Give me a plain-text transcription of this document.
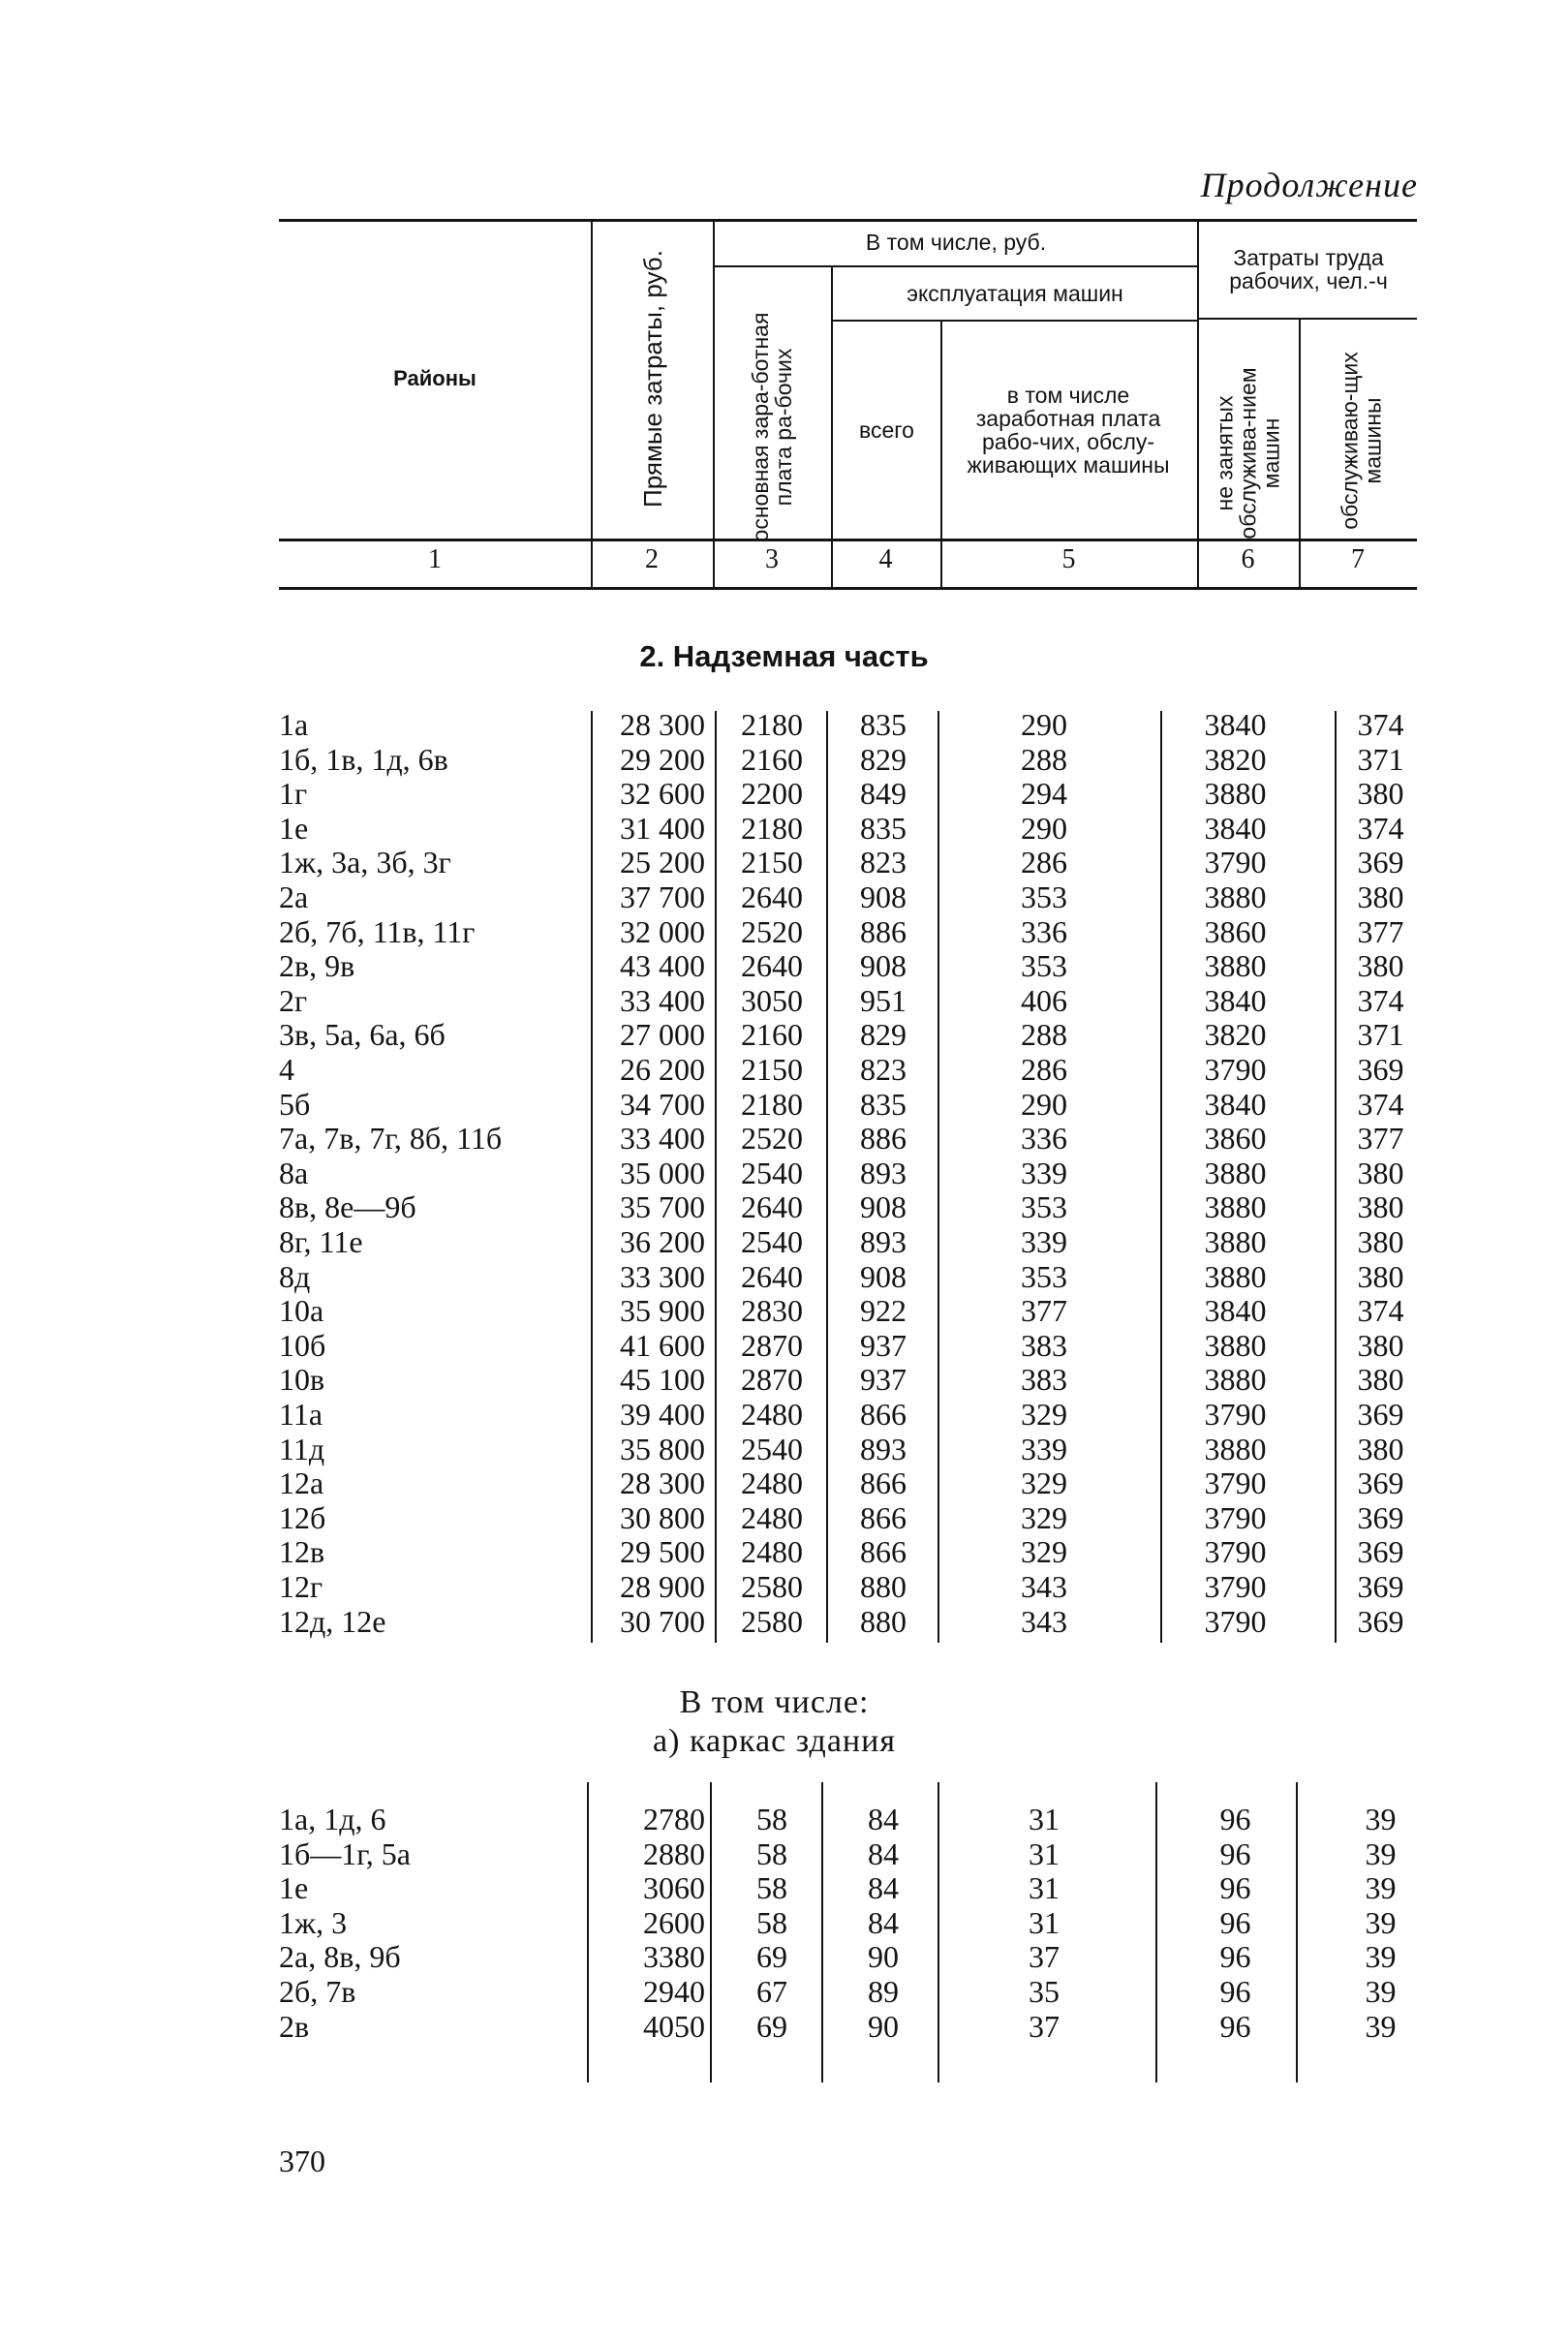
Продолжение
Районы	Прямые затраты, руб.
В том числе, руб.
основная зара-ботная плата ра-бочих
эксплуатация машин
всего
в том числе заработная плата рабо-чих, обслу-живающих машины
Затраты труда рабочих, чел.-ч
не занятых обслужива-нием машин	обслуживаю-щих машины
1	2	3	4	5	6	7
2. Надземная часть
1а	28 300	2180	835	290	3840	374
1б, 1в, 1д, 6в	29 200	2160	829	288	3820	371
1г	32 600	2200	849	294	3880	380
1е	31 400	2180	835	290	3840	374
1ж, 3а, 3б, 3г	25 200	2150	823	286	3790	369
2а	37 700	2640	908	353	3880	380
2б, 7б, 11в, 11г	32 000	2520	886	336	3860	377
2в, 9в	43 400	2640	908	353	3880	380
2г	33 400	3050	951	406	3840	374
3в, 5а, 6а, 6б	27 000	2160	829	288	3820	371
4	26 200	2150	823	286	3790	369
5б	34 700	2180	835	290	3840	374
7а, 7в, 7г, 8б, 11б	33 400	2520	886	336	3860	377
8а	35 000	2540	893	339	3880	380
8в, 8е—9б	35 700	2640	908	353	3880	380
8г, 11е	36 200	2540	893	339	3880	380
8д	33 300	2640	908	353	3880	380
10а	35 900	2830	922	377	3840	374
10б	41 600	2870	937	383	3880	380
10в	45 100	2870	937	383	3880	380
11а	39 400	2480	866	329	3790	369
11д	35 800	2540	893	339	3880	380
12а	28 300	2480	866	329	3790	369
12б	30 800	2480	866	329	3790	369
12в	29 500	2480	866	329	3790	369
12г	28 900	2580	880	343	3790	369
12д, 12е	30 700	2580	880	343	3790	369
В том числе:
а) каркас здания
1а, 1д, 6	2780	58	84	31	96	39
1б—1г, 5а	2880	58	84	31	96	39
1е	3060	58	84	31	96	39
1ж, 3	2600	58	84	31	96	39
2а, 8в, 9б	3380	69	90	37	96	39
2б, 7в	2940	67	89	35	96	39
2в	4050	69	90	37	96	39
370
